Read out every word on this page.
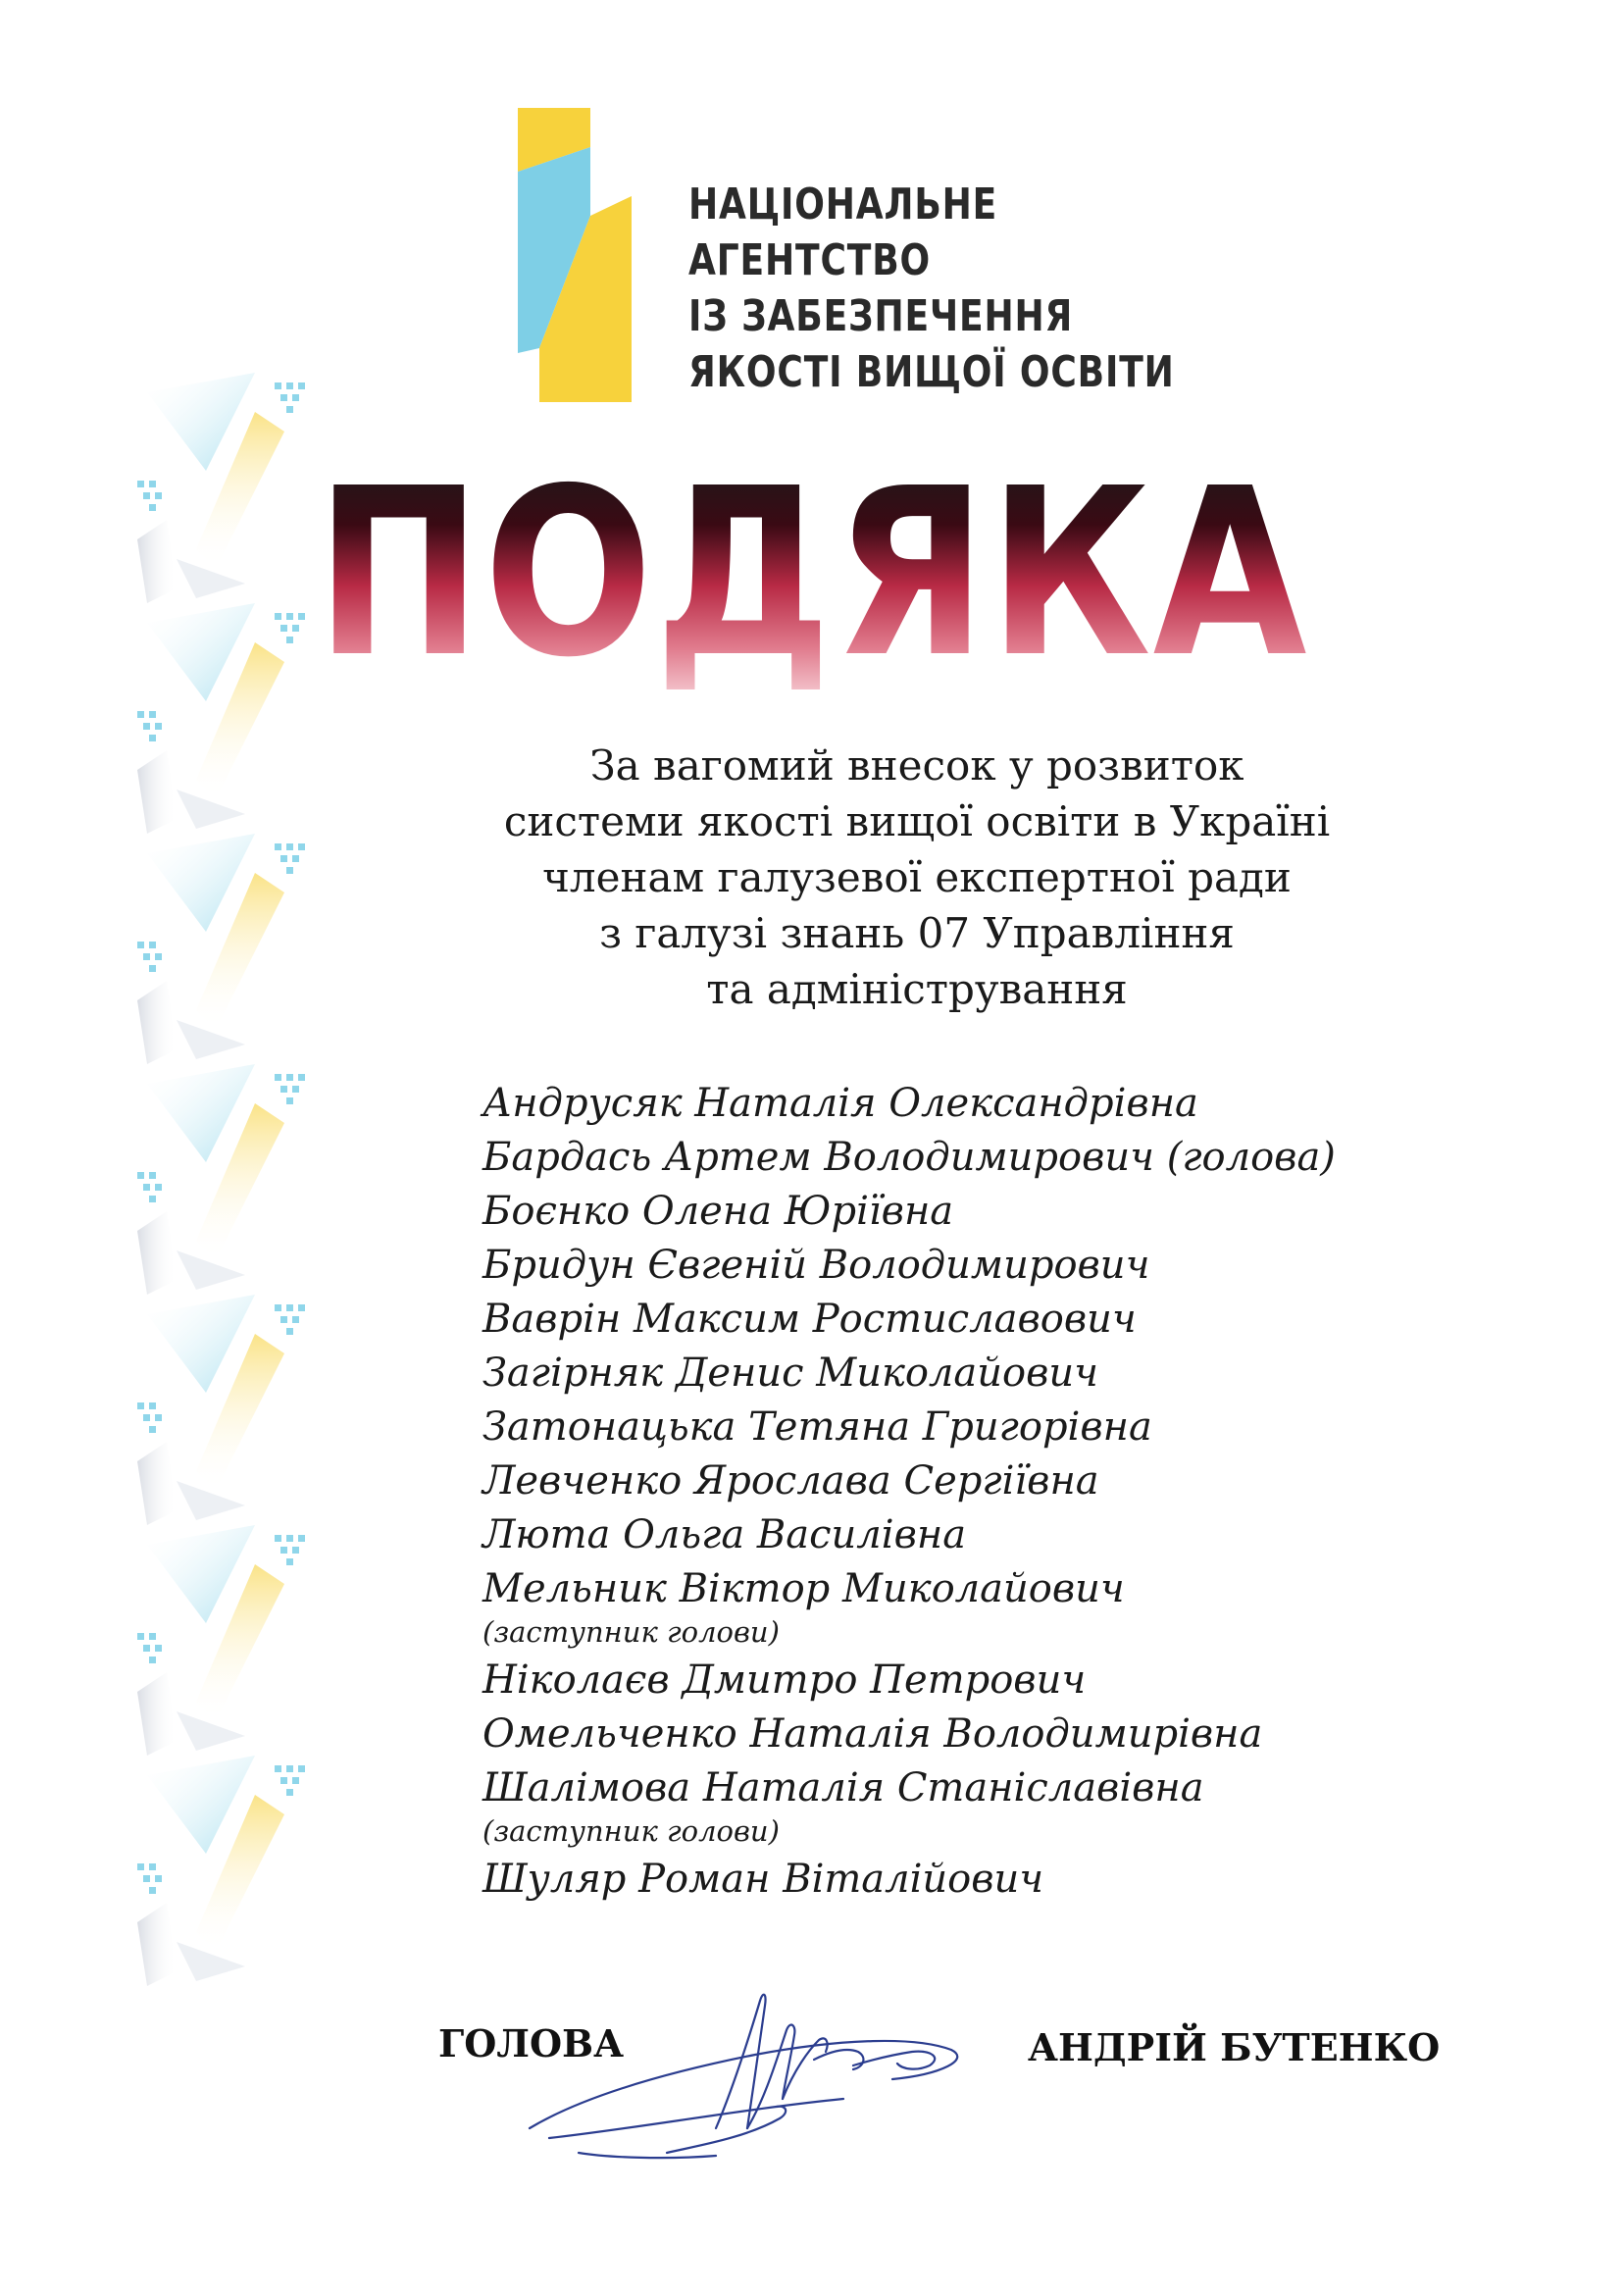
НАЦІОНАЛЬНЕ
АГЕНТСТВО
ІЗ ЗАБЕЗПЕЧЕННЯ
ЯКОСТІ ВИЩОЇ ОСВІТИ
ПОДЯКА
За вагомий внесок у розвиток
системи якості вищої освіти в Україні
членам галузевої експертної ради
з галузі знань 07 Управління
та адміністрування
Андрусяк Наталія Олександрівна
Бардась Артем Володимирович (голова)
Боєнко Олена Юріївна
Бридун Євгеній Володимирович
Ваврін Максим Ростиславович
Загірняк Денис Миколайович
Затонацька Тетяна Григорівна
Левченко Ярослава Сергіївна
Люта Ольга Василівна
Мельник Віктор Миколайович
(заступник голови)
Ніколаєв Дмитро Петрович
Омельченко Наталія Володимирівна
Шалімова Наталія Станіславівна
(заступник голови)
Шуляр Роман Віталійович
ГОЛОВА	АНДРІЙ БУТЕНКО
